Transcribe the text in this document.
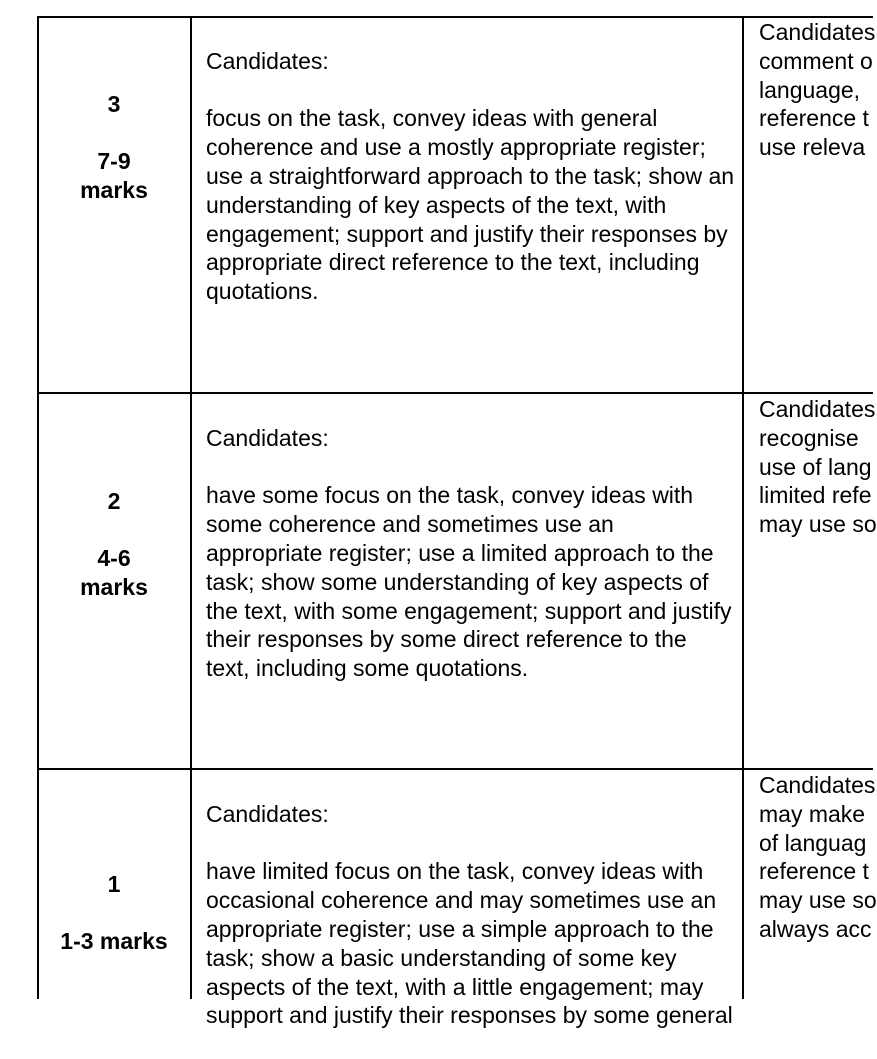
3
7-9
marks

Candidates:

focus on the task, convey ideas with general coherence and use a mostly appropriate register; use a straightforward approach to the task; show an understanding of key aspects of the text, with engagement; support and justify their responses by appropriate direct reference to the text, including quotations.

Candidates
comment o
language,
reference t
use releva
2
4-6
marks

Candidates:

have some focus on the task, convey ideas with some coherence and sometimes use an appropriate register; use a limited approach to the task; show some understanding of key aspects of the text, with some engagement; support and justify their responses by some direct reference to the text, including some quotations.

Candidates
recognise
use of lang
limited refe
may use so
1
1-3 marks

Candidates:

have limited focus on the task, convey ideas with occasional coherence and may sometimes use an appropriate register; use a simple approach to the task; show a basic understanding of some key aspects of the text, with a little engagement; may support and justify their responses by some general

Candidates
may make
of languag
reference t
may use so
always acc
